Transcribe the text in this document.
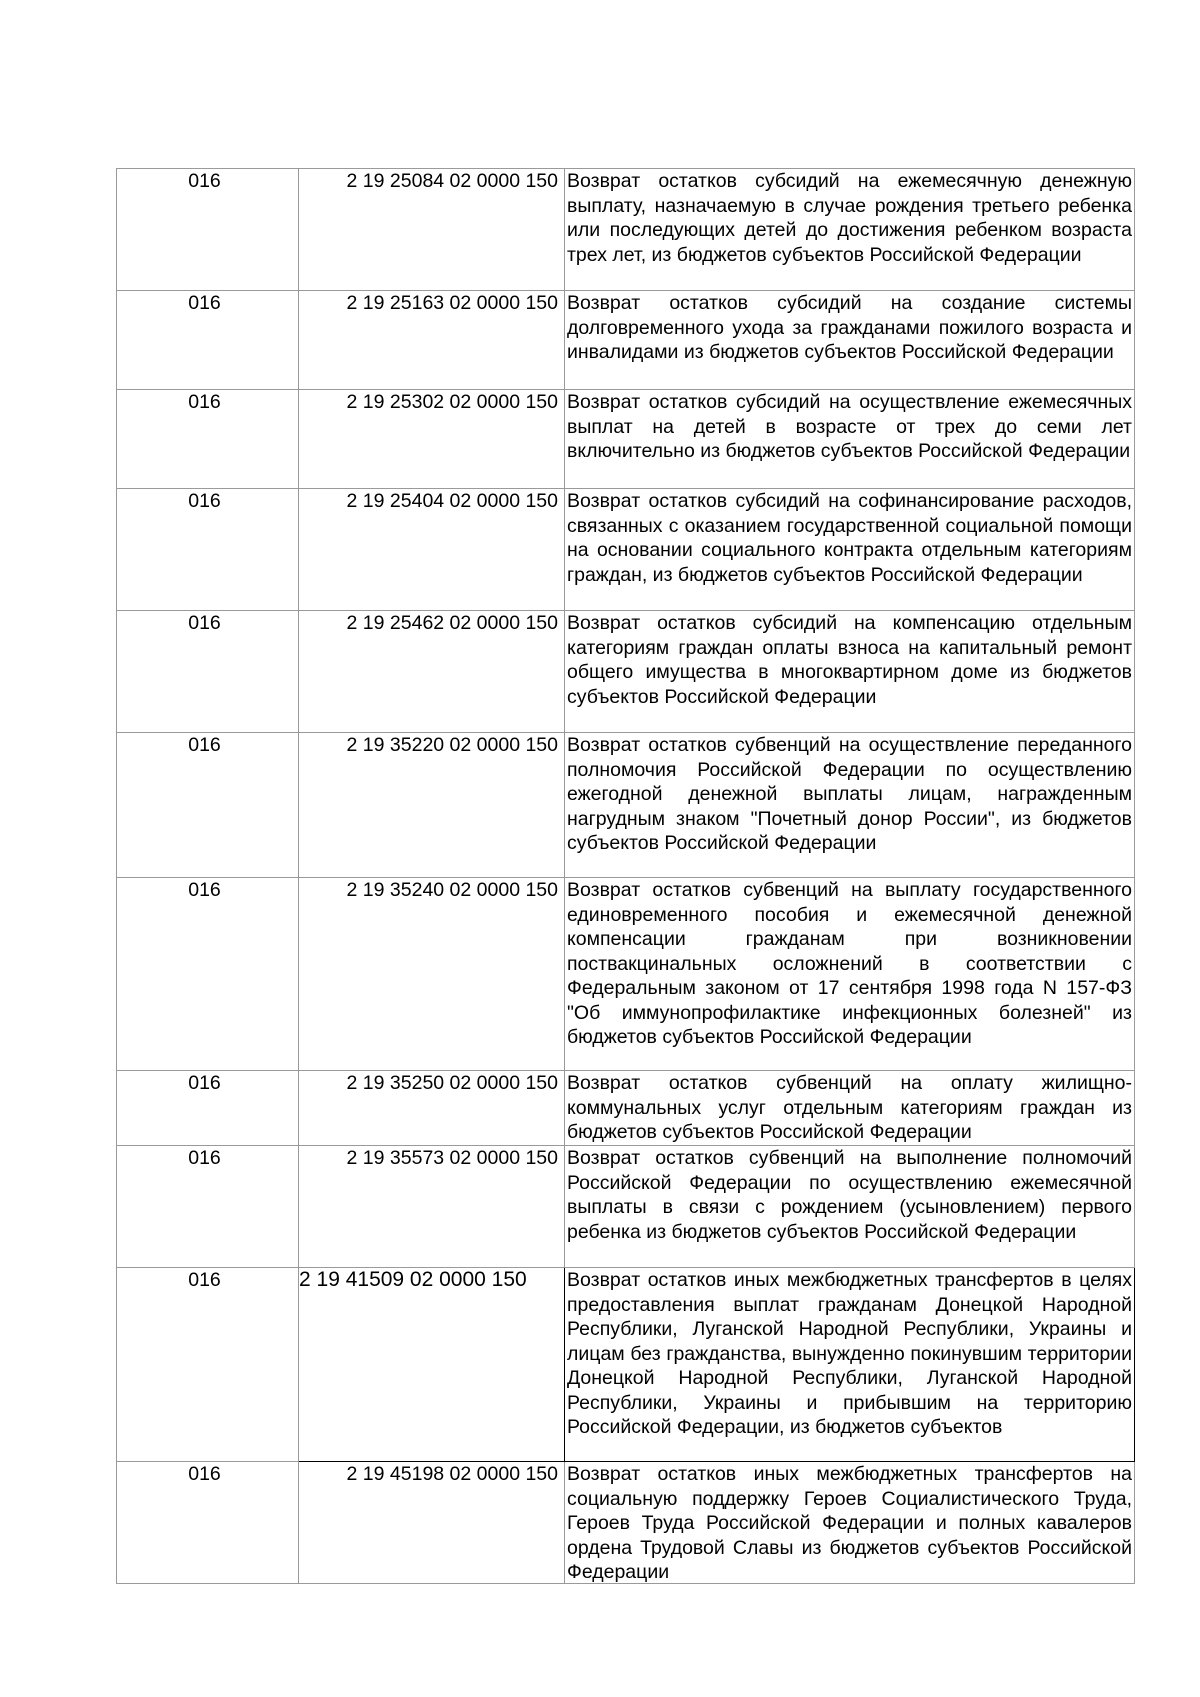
016	2 19 25084 02 0000 150	Возврат остатков субсидий на ежемесячную денежную выплату, назначаемую в случае рождения третьего ребенка или последующих детей до достижения ребенком возраста трех лет, из бюджетов субъектов Российской Федерации

016	2 19 25163 02 0000 150	Возврат остатков субсидий на создание системы долговременного ухода за гражданами пожилого возраста и инвалидами из бюджетов субъектов Российской Федерации

016	2 19 25302 02 0000 150	Возврат остатков субсидий на осуществление ежемесячных выплат на детей в возрасте от трех до семи лет включительно из бюджетов субъектов Российской Федерации

016	2 19 25404 02 0000 150	Возврат остатков субсидий на софинансирование расходов, связанных с оказанием государственной социальной помощи на основании социального контракта отдельным категориям граждан, из бюджетов субъектов Российской Федерации

016	2 19 25462 02 0000 150	Возврат остатков субсидий на компенсацию отдельным категориям граждан оплаты взноса на капитальный ремонт общего имущества в многоквартирном доме из бюджетов субъектов Российской Федерации

016	2 19 35220 02 0000 150	Возврат остатков субвенций на осуществление переданного полномочия Российской Федерации по осуществлению ежегодной денежной выплаты лицам, награжденным нагрудным знаком "Почетный донор России", из бюджетов субъектов Российской Федерации

016	2 19 35240 02 0000 150	Возврат остатков субвенций на выплату государственного единовременного пособия и ежемесячной денежной компенсации гражданам при возникновении поствакцинальных осложнений в соответствии с Федеральным законом от 17 сентября 1998 года N 157-ФЗ "Об иммунопрофилактике инфекционных болезней" из бюджетов субъектов Российской Федерации

016	2 19 35250 02 0000 150	Возврат остатков субвенций на оплату жилищно-коммунальных услуг отдельным категориям граждан из бюджетов субъектов Российской Федерации

016	2 19 35573 02 0000 150	Возврат остатков субвенций на выполнение полномочий Российской Федерации по осуществлению ежемесячной выплаты в связи с рождением (усыновлением) первого ребенка из бюджетов субъектов Российской Федерации

016	2 19 41509 02 0000 150	Возврат остатков иных межбюджетных трансфертов в целях предоставления выплат гражданам Донецкой Народной Республики, Луганской Народной Республики, Украины и лицам без гражданства, вынужденно покинувшим территории Донецкой Народной Республики, Луганской Народной Республики, Украины и прибывшим на территорию Российской Федерации, из бюджетов субъектов

016	2 19 45198 02 0000 150	Возврат остатков иных межбюджетных трансфертов на социальную поддержку Героев Социалистического Труда, Героев Труда Российской Федерации и полных кавалеров ордена Трудовой Славы из бюджетов субъектов Российской Федерации
